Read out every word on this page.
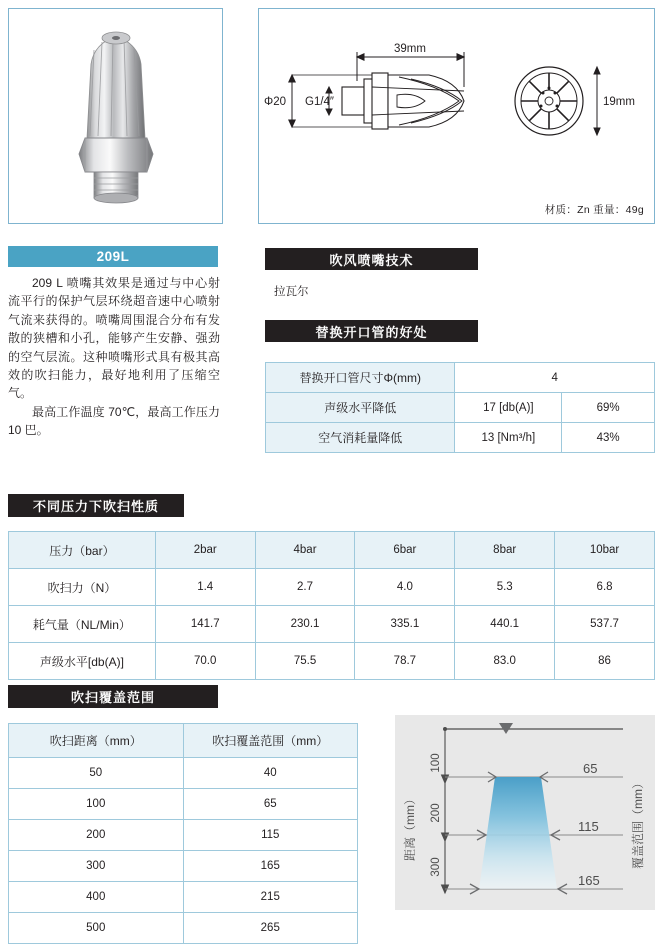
39mm
Φ20 G1/4″	19mm
材质：Zn 重量：49g
209L

209 L 喷嘴其效果是通过与中心射流平行的保护气层环绕超音速中心喷射气流来获得的。喷嘴周围混合分布有发散的狭槽和小孔，能够产生安静、强劲的空气层流。这种喷嘴形式具有极其高效的吹扫能力，最好地利用了压缩空气。

最高工作温度 70℃，最高工作压力 10 巴。

吹风喷嘴技术
拉瓦尔
替换开口管的好处
替换开口管尺寸Φ(mm)	4	
声级水平降低	17 [db(A)]	69%
空气消耗量降低	13 [Nm³/h]	43%
不同压力下吹扫性质
压力（bar）	2bar	4bar	6bar	8bar	10bar
吹扫力（N）	1.4	2.7	4.0	5.3	6.8
耗气量（NL/Min）	141.7	230.1	335.1	440.1	537.7
声级水平[db(A)]	70.0	75.5	78.7	83.0	86
吹扫覆盖范围
吹扫距离（mm）	吹扫覆盖范围（mm）
50	40
100	65
200	115
300	165
400	215
500	265
65
115
165
100
200
300
距离（mm）	覆盖范围（mm）
